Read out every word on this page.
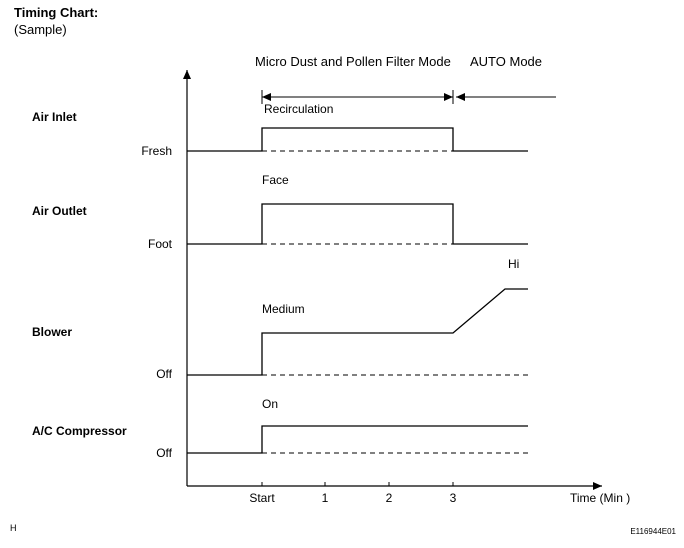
Timing Chart:
(Sample)
Micro Dust and Pollen Filter Mode AUTO Mode
Air Inlet
Air Outlet
Blower
A/C Compressor
Fresh
Foot
Off
Off
Recirculation
Face
Medium
Hi
On
Start	1	2	3	Time (Min )
H	E116944E01
